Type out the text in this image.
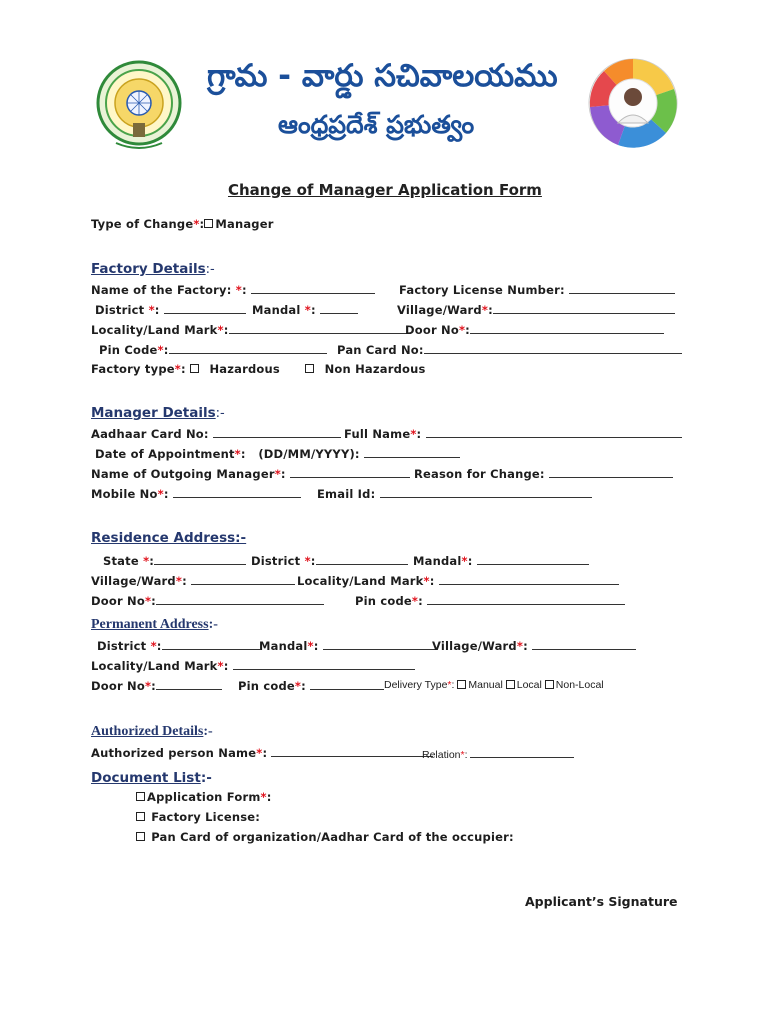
గ్రామ - వార్డు సచివాలయము
ఆంధ్రప్రదేశ్ ప్రభుత్వం
Change of Manager Application Form
Type of Change*: Manager
Factory Details:-
Name of the Factory: *:	Factory License Number:
District *:	Mandal *:	Village/Ward*:
Locality/Land Mark*:	Door No*:
Pin Code*:	Pan Card No:
Factory type*: Hazardous	Non Hazardous
Manager Details:-
Aadhaar Card No:	Full Name*:
Date of Appointment*: (DD/MM/YYYY):
Name of Outgoing Manager*:	Reason for Change:
Mobile No*:	Email Id:
Residence Address:-
State *:	District *:	Mandal*:
Village/Ward*:	Locality/Land Mark*:
Door No*:	Pin code*:
Permanent Address:-
District *:	Mandal*:	Village/Ward*:
Locality/Land Mark*:
Door No*:	Pin code*:	Delivery Type*: Manual Local Non-Local
Authorized Details:-
Authorized person Name*:	Relation*:
Document List:-
Application Form*:
Factory License:
Pan Card of organization/Aadhar Card of the occupier:
Applicant’s Signature
